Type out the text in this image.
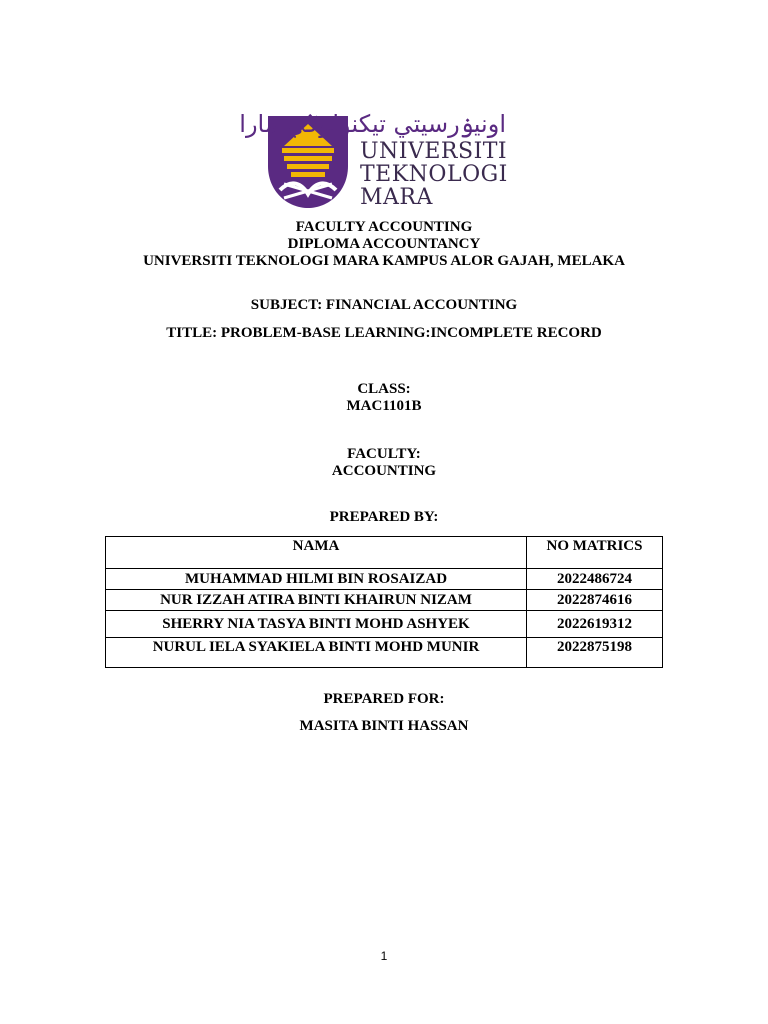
اونيۏرسيتي تيكنولوݢي مارا
UNIVERSITI
TEKNOLOGI
MARA
FACULTY ACCOUNTING
DIPLOMA ACCOUNTANCY
UNIVERSITI TEKNOLOGI MARA KAMPUS ALOR GAJAH, MELAKA
SUBJECT: FINANCIAL ACCOUNTING
TITLE: PROBLEM-BASE LEARNING:INCOMPLETE RECORD
CLASS:
MAC1101B
FACULTY:
ACCOUNTING
PREPARED BY:
NAMA	NO MATRICS
MUHAMMAD HILMI BIN ROSAIZAD	2022486724
NUR IZZAH ATIRA BINTI KHAIRUN NIZAM	2022874616
SHERRY NIA TASYA BINTI MOHD ASHYEK	2022619312
NURUL IELA SYAKIELA BINTI MOHD MUNIR	2022875198
PREPARED FOR:
MASITA BINTI HASSAN
1
